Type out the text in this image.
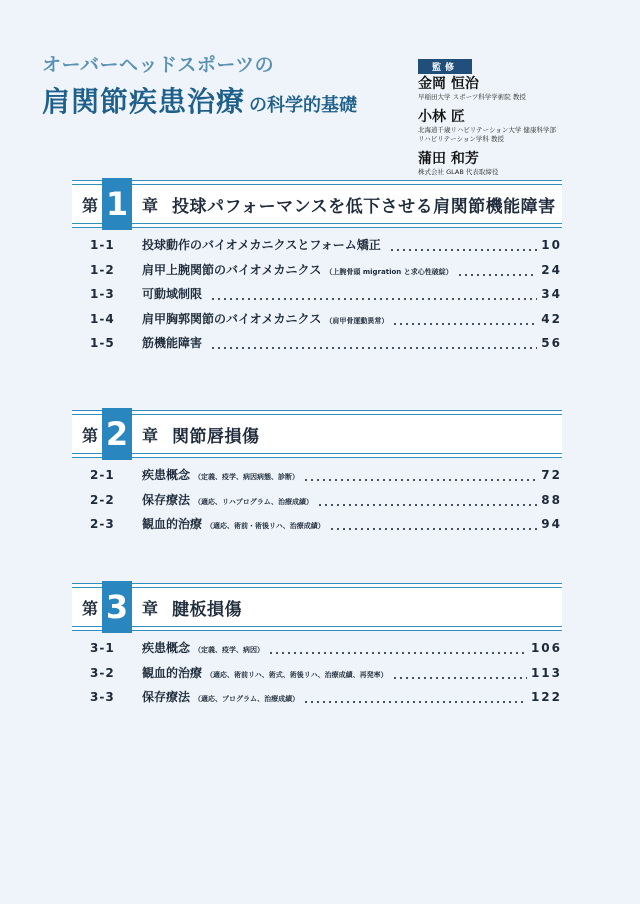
オーバーヘッドスポーツの
肩関節疾患治療 の科学的基礎
監修
金岡 恒治
早稲田大学 スポーツ科学学術院 教授
小林 匠
北海道千歳リハビリテーション大学 健康科学部
リハビリテーション学科 教授
蒲田 和芳
株式会社 GLAB 代表取締役
第 1 章 投球パフォーマンスを低下させる肩関節機能障害
1-1	投球動作のバイオメカニクスとフォーム矯正	10
1-2	肩甲上腕関節のバイオメカニクス （上腕骨頭 migration と求心性破綻）	24
1-3	可動域制限	34
1-4	肩甲胸郭関節のバイオメカニクス （肩甲骨運動異常）	42
1-5	筋機能障害	56
第 2 章 関節唇損傷
2-1	疾患概念 （定義、疫学、病因病態、診断）	72
2-2	保存療法 （適応、リハプログラム、治療成績）	88
2-3	観血的治療 （適応、術前・術後リハ、治療成績）	94
第 3 章 腱板損傷
3-1	疾患概念 （定義、疫学、病因）	106
3-2	観血的治療 （適応、術前リハ、術式、術後リハ、治療成績、再発率）	113
3-3	保存療法 （適応、プログラム、治療成績）	122
